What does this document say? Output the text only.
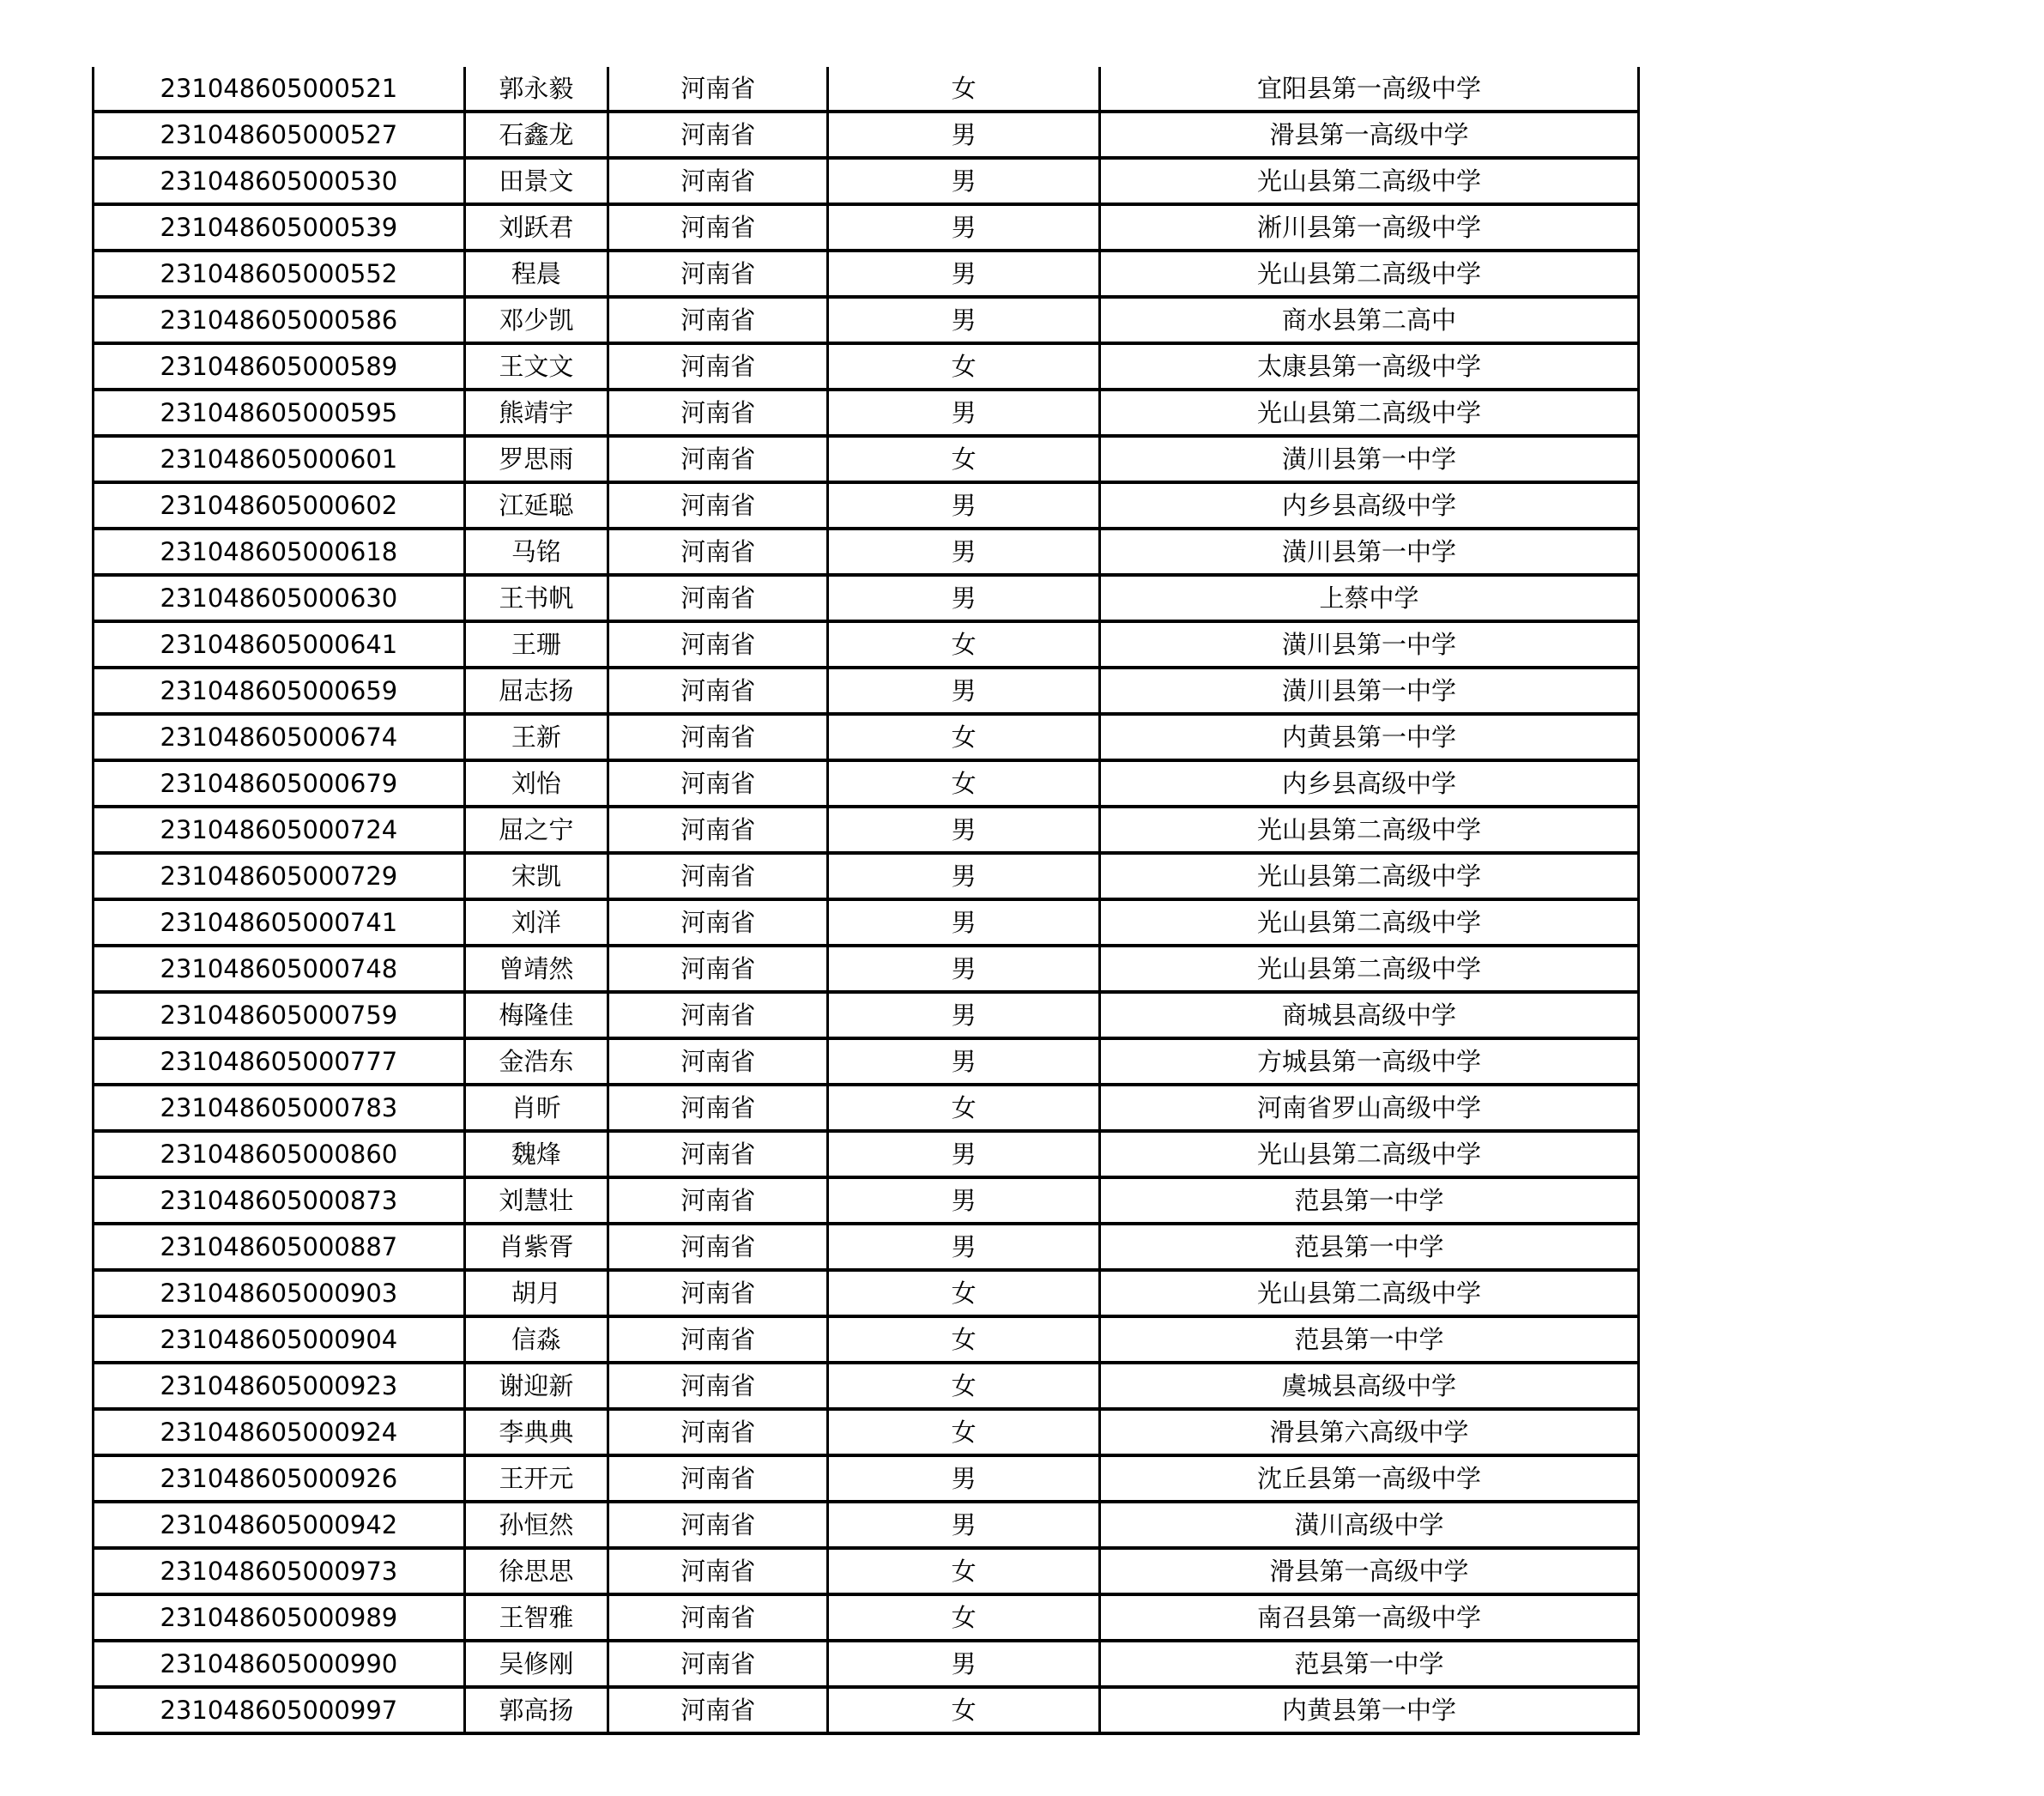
231048605000521	郭永毅	河南省	女	宜阳县第一高级中学
231048605000527	石鑫龙	河南省	男	滑县第一高级中学
231048605000530	田景文	河南省	男	光山县第二高级中学
231048605000539	刘跃君	河南省	男	淅川县第一高级中学
231048605000552	程晨	河南省	男	光山县第二高级中学
231048605000586	邓少凯	河南省	男	商水县第二高中
231048605000589	王文文	河南省	女	太康县第一高级中学
231048605000595	熊靖宇	河南省	男	光山县第二高级中学
231048605000601	罗思雨	河南省	女	潢川县第一中学
231048605000602	江延聪	河南省	男	内乡县高级中学
231048605000618	马铭	河南省	男	潢川县第一中学
231048605000630	王书帆	河南省	男	上蔡中学
231048605000641	王珊	河南省	女	潢川县第一中学
231048605000659	屈志扬	河南省	男	潢川县第一中学
231048605000674	王新	河南省	女	内黄县第一中学
231048605000679	刘怡	河南省	女	内乡县高级中学
231048605000724	屈之宁	河南省	男	光山县第二高级中学
231048605000729	宋凯	河南省	男	光山县第二高级中学
231048605000741	刘洋	河南省	男	光山县第二高级中学
231048605000748	曾靖然	河南省	男	光山县第二高级中学
231048605000759	梅隆佳	河南省	男	商城县高级中学
231048605000777	金浩东	河南省	男	方城县第一高级中学
231048605000783	肖昕	河南省	女	河南省罗山高级中学
231048605000860	魏烽	河南省	男	光山县第二高级中学
231048605000873	刘慧壮	河南省	男	范县第一中学
231048605000887	肖紫胥	河南省	男	范县第一中学
231048605000903	胡月	河南省	女	光山县第二高级中学
231048605000904	信淼	河南省	女	范县第一中学
231048605000923	谢迎新	河南省	女	虞城县高级中学
231048605000924	李典典	河南省	女	滑县第六高级中学
231048605000926	王开元	河南省	男	沈丘县第一高级中学
231048605000942	孙恒然	河南省	男	潢川高级中学
231048605000973	徐思思	河南省	女	滑县第一高级中学
231048605000989	王智雅	河南省	女	南召县第一高级中学
231048605000990	吴修刚	河南省	男	范县第一中学
231048605000997	郭高扬	河南省	女	内黄县第一中学
